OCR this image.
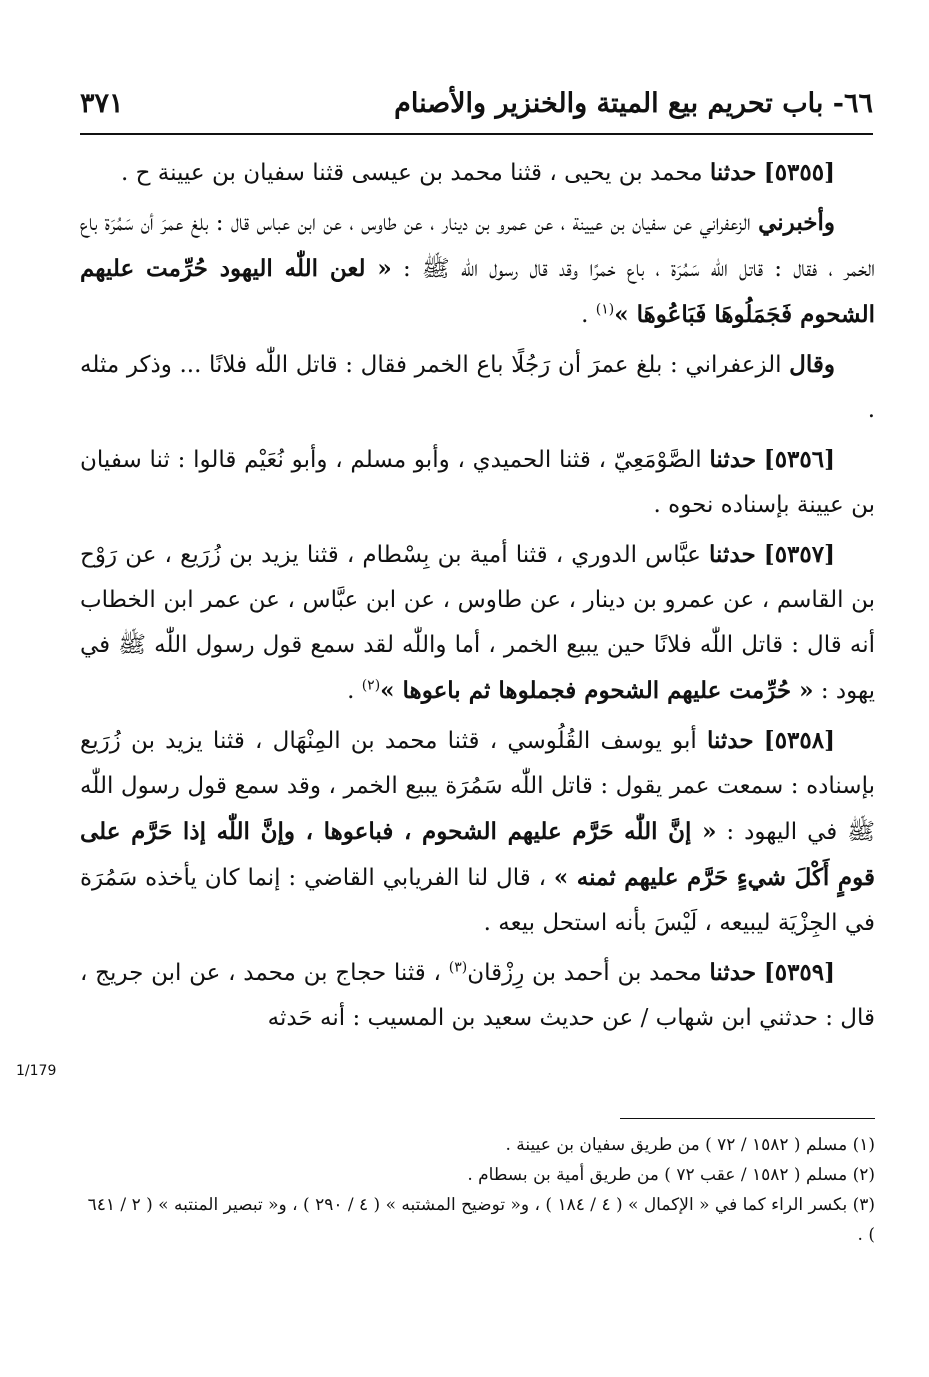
٦٦- باب تحريم بيع الميتة والخنزير والأصنام
٣٧١

[٥٣٥٥] حدثنا محمد بن يحيى ، قثنا محمد بن عيسى قثنا سفيان بن عيينة ح .

وأخبرني الزعفراني عن سفيان بن عيينة ، عن عمرو بن دينار ، عن طاوس ، عن ابن عباس قال : بلغ عمرَ أن سَمُرَة باع الخمر ، فقال : قاتل اللّٰه سَمُرَة ، باع خمرًا وقد قال رسول اللّٰه ﷺ : « لعن اللّٰه اليهود حُرِّمت عليهم الشحوم فَجَمَلُوهَا فَبَاعُوهَا »$^{(١)}$ .

وقال الزعفراني : بلغ عمرَ أن رَجُلًا باع الخمر فقال : قاتل اللّٰه فلانًا ... وذكر مثله .

[٥٣٥٦] حدثنا الصَّوْمَعِيّ ، قثنا الحميدي ، وأبو مسلم ، وأبو نُعَيْم قالوا : ثنا سفيان بن عيينة بإسناده نحوه .

[٥٣٥٧] حدثنا عبَّاس الدوري ، قثنا أمية بن بِسْطام ، قثنا يزيد بن زُرَيع ، عن رَوْح بن القاسم ، عن عمرو بن دينار ، عن طاوس ، عن ابن عبَّاس ، عن عمر ابن الخطاب أنه قال : قاتل اللّٰه فلانًا حين يبيع الخمر ، أما واللّٰه لقد سمع قول رسول اللّٰه ﷺ في يهود : « حُرِّمت عليهم الشحوم فجملوها ثم باعوها »$^{(٢)}$ .

[٥٣٥٨] حدثنا أبو يوسف القُلُوسي ، قثنا محمد بن المِنْهَال ، قثنا يزيد بن زُرَيع بإسناده : سمعت عمر يقول : قاتل اللّٰه سَمُرَة يبيع الخمر ، وقد سمع قول رسول اللّٰه ﷺ في اليهود : « إنَّ اللّٰه حَرَّم عليهم الشحوم ، فباعوها ، وإنَّ اللّٰه إذا حَرَّم على قومٍ أَكْلَ شيءٍ حَرَّم عليهم ثمنه » ، قال لنا الفريابي القاضي : إنما كان يأخذه سَمُرَة في الجِزْيَة ليبيعه ، لَيْسَ بأنه استحل بيعه .

[٥٣٥٩] حدثنا محمد بن أحمد بن رِزْقان$^{(٣)}$ ، قثنا حجاج بن محمد ، عن ابن جريج ، قال : حدثني ابن شهاب / عن حديث سعيد بن المسيب : أنه حَدثه

1/179

(١) مسلم ( ١٥٨٢ / ٧٢ ) من طريق سفيان بن عيينة .

(٢) مسلم ( ١٥٨٢ / عقب ٧٢ ) من طريق أمية بن بسطام .

(٣) بكسر الراء كما في « الإكمال » ( ٤ / ١٨٤ ) ، و« توضيح المشتبه » ( ٤ / ٢٩٠ ) ، و« تبصير المنتبه » ( ٢ / ٦٤١ ) .
